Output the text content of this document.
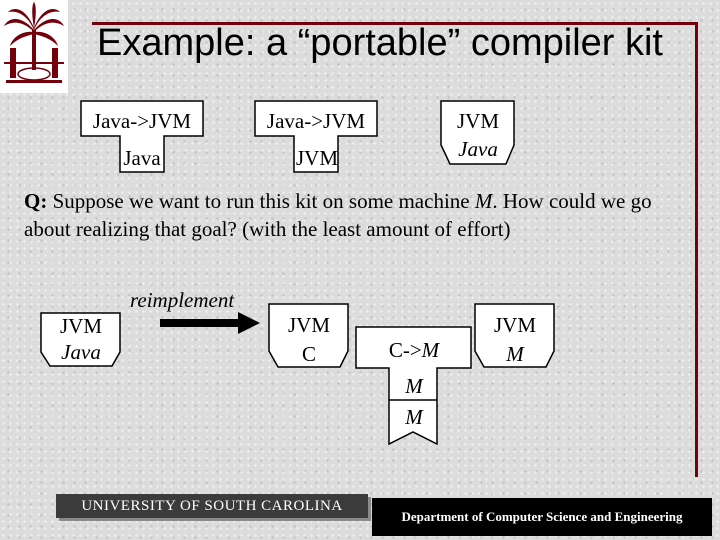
Example: a “portable” compiler kit
Java->JVM
Java
Java->JVM
JVM
JVM
Java
Q: Suppose we want to run this kit on some machine M. How could we go about realizing that goal? (with the least amount of effort)
JVM
Java
reimplement
JVM
C	C->M
M
M
JVM
M
UNIVERSITY OF SOUTH CAROLINA
Department of Computer Science and Engineering
